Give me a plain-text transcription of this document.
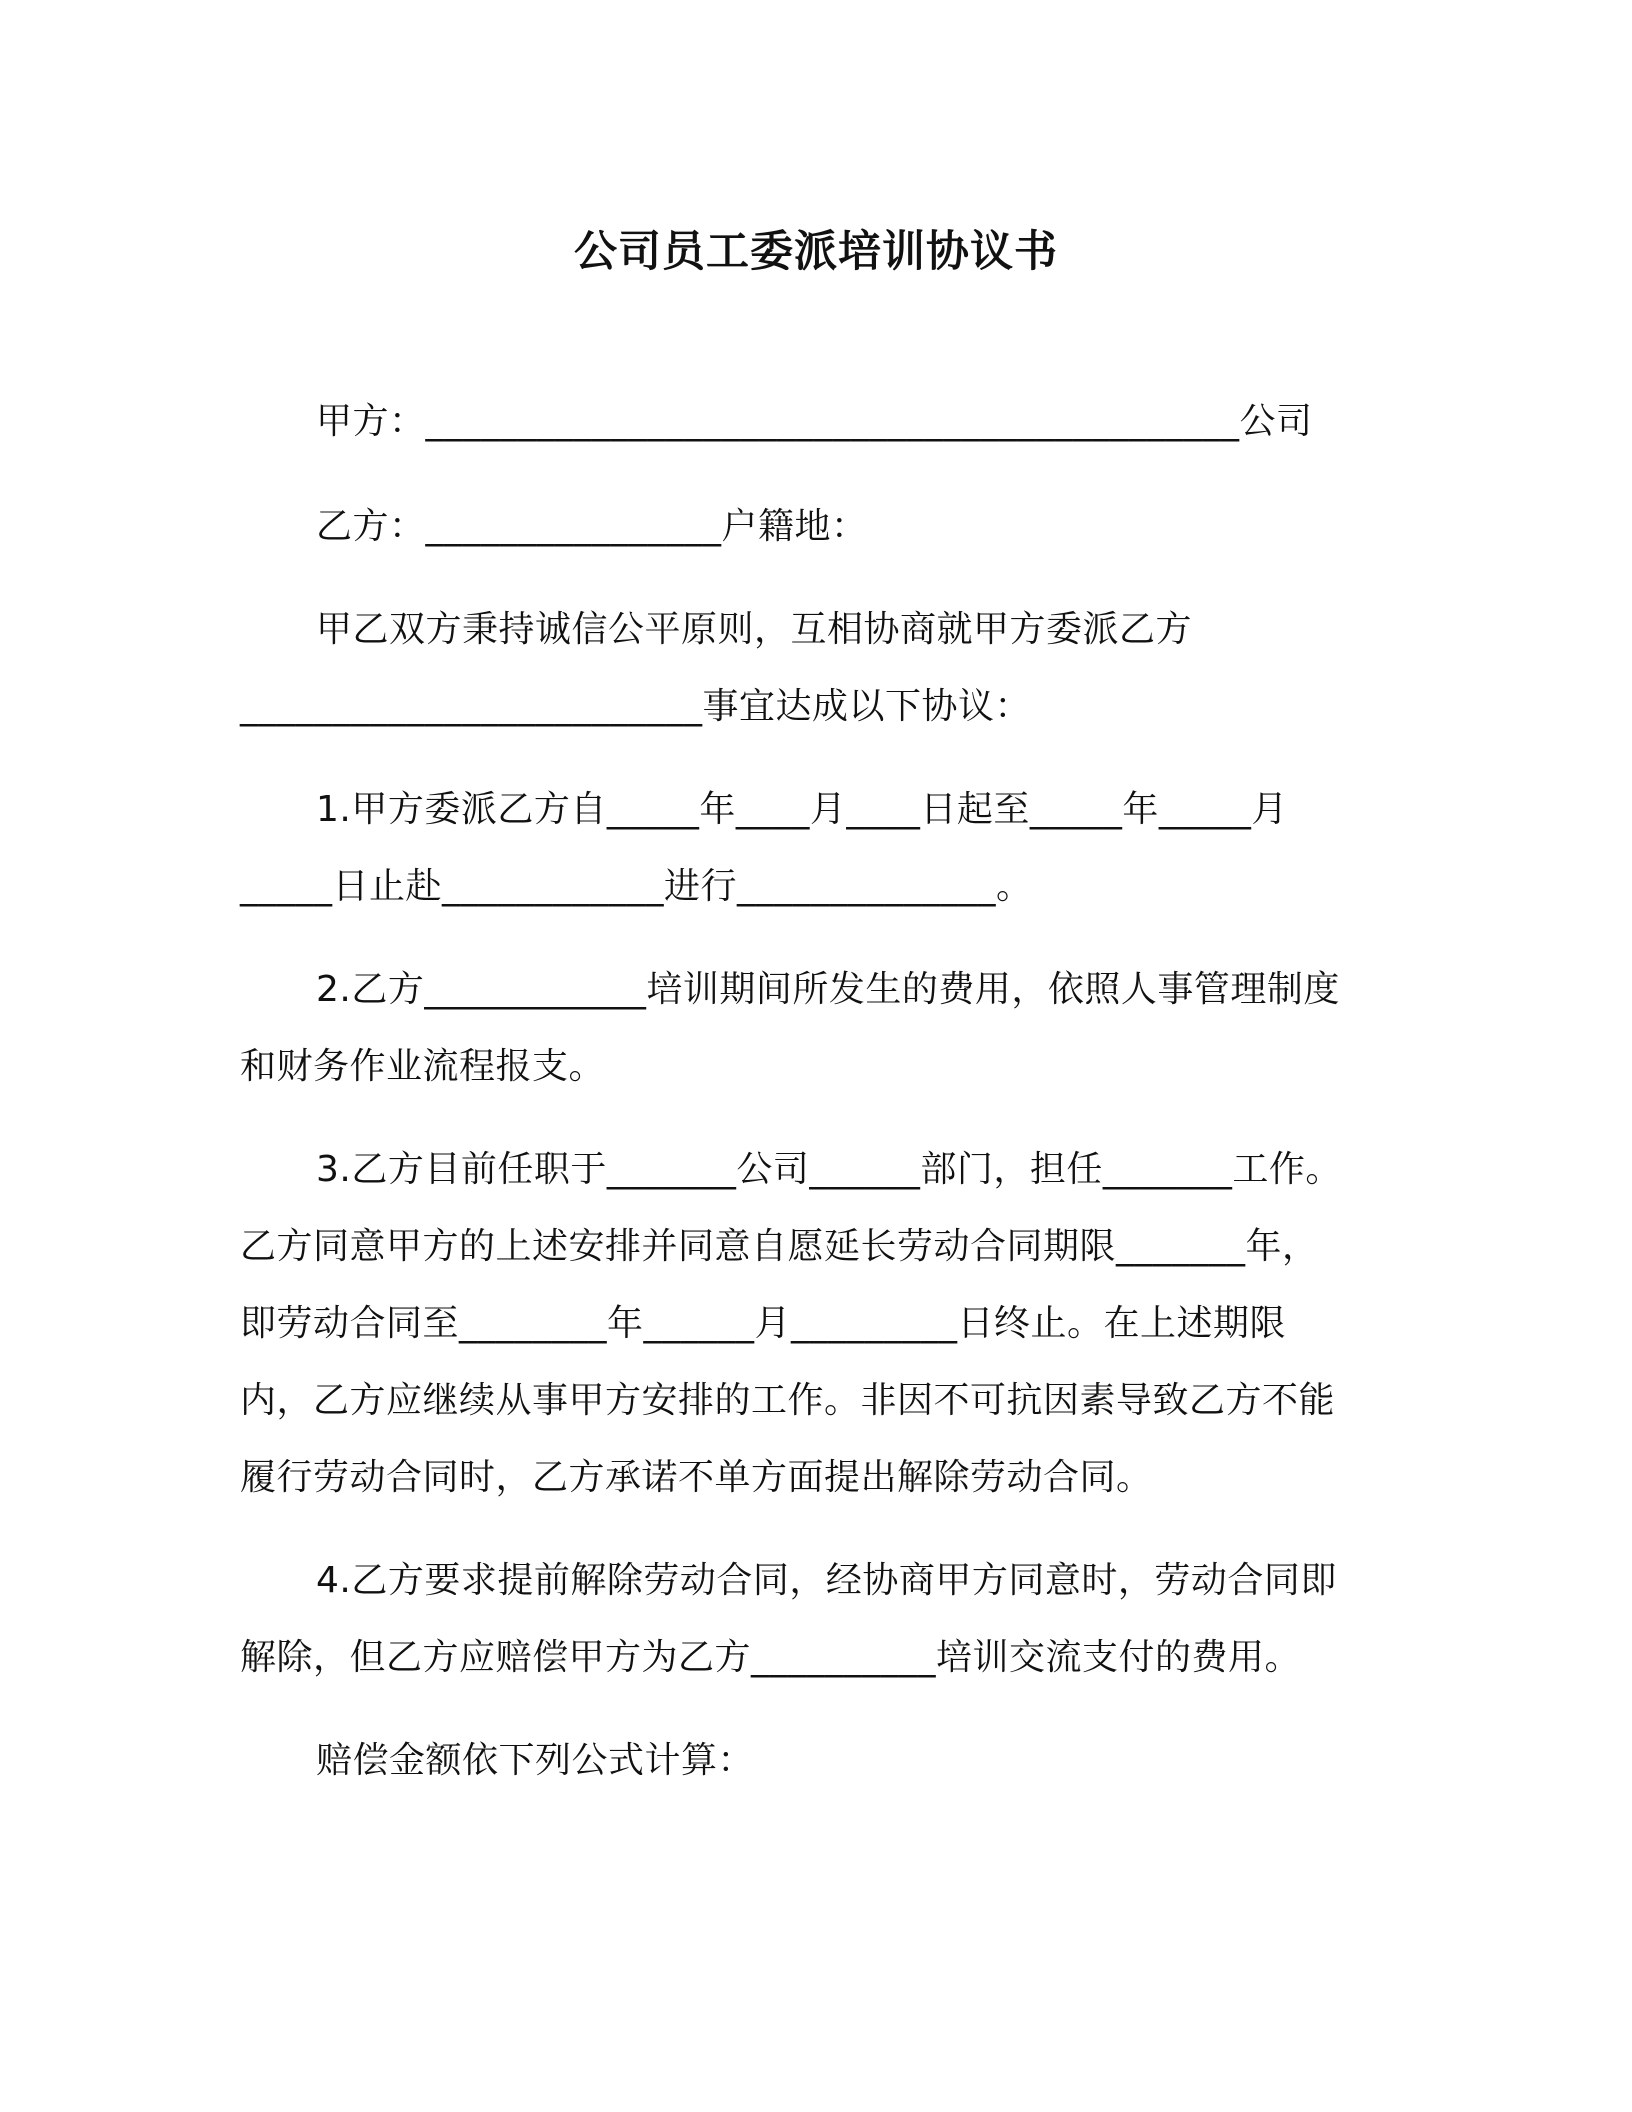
公司员工委派培训协议书
甲方：____________________________________________公司
乙方：________________户籍地：
甲乙双方秉持诚信公平原则，互相协商就甲方委派乙方
_________________________事宜达成以下协议：
1.甲方委派乙方自_____年____月____日起至_____年_____月
_____日止赴____________进行______________。
2.乙方____________培训期间所发生的费用，依照人事管理制度
和财务作业流程报支。
3.乙方目前任职于_______公司______部门，担任_______工作。
乙方同意甲方的上述安排并同意自愿延长劳动合同期限_______年，
即劳动合同至________年______月_________日终止。在上述期限
内，乙方应继续从事甲方安排的工作。非因不可抗因素导致乙方不能
履行劳动合同时，乙方承诺不单方面提出解除劳动合同。
4.乙方要求提前解除劳动合同，经协商甲方同意时，劳动合同即
解除，但乙方应赔偿甲方为乙方__________培训交流支付的费用。
赔偿金额依下列公式计算：
